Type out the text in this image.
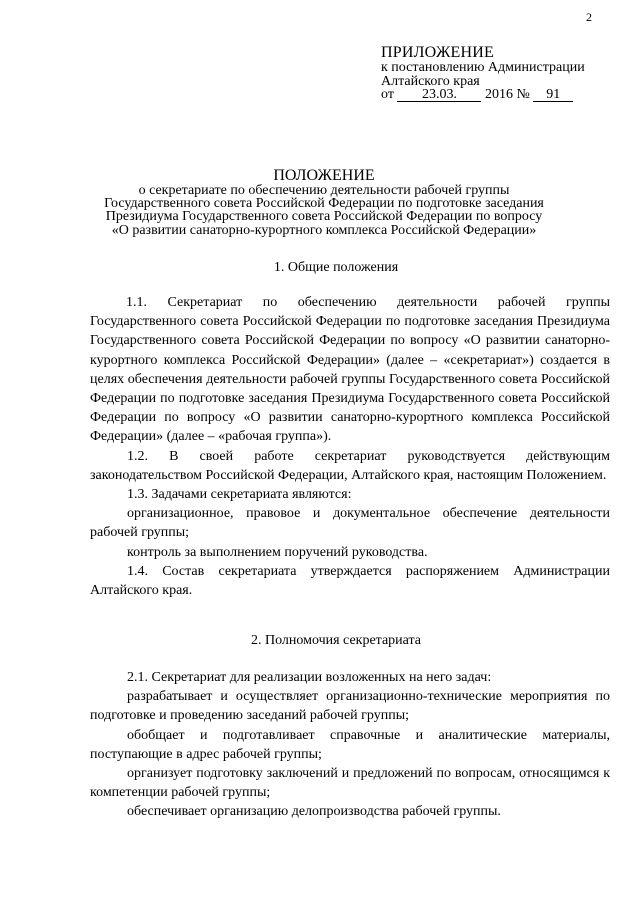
2
ПРИЛОЖЕНИЕ
к постановлению Администрации
Алтайского края
от 23.03. 2016 № 91
ПОЛОЖЕНИЕ
о секретариате по обеспечению деятельности рабочей группы
Государственного совета Российской Федерации по подготовке заседания
Президиума Государственного совета Российской Федерации по вопросу
«О развитии санаторно-курортного комплекса Российской Федерации»
1. Общие положения

1.1. Секретариат по обеспечению деятельности рабочей группы Государственного совета Российской Федерации по подготовке заседания Президиума Государственного совета Российской Федерации по вопросу «О развитии санаторно-курортного комплекса Российской Федерации» (далее – «секретариат») создается в целях обеспечения деятельности рабочей группы Государственного совета Российской Федерации по подготовке заседания Президиума Государственного совета Российской Федерации по вопросу «О развитии санаторно-курортного комплекса Российской Федерации» (далее – «рабочая группа»).

1.2. В своей работе секретариат руководствуется действующим законодательством Российской Федерации, Алтайского края, настоящим Положением.

1.3. Задачами секретариата являются:

организационное, правовое и документальное обеспечение деятельности рабочей группы;

контроль за выполнением поручений руководства.

1.4. Состав секретариата утверждается распоряжением Администрации Алтайского края.

2. Полномочия секретариата

2.1. Секретариат для реализации возложенных на него задач:

разрабатывает и осуществляет организационно-технические мероприятия по подготовке и проведению заседаний рабочей группы;

обобщает и подготавливает справочные и аналитические материалы, поступающие в адрес рабочей группы;

организует подготовку заключений и предложений по вопросам, относящимся к компетенции рабочей группы;

обеспечивает организацию делопроизводства рабочей группы.
